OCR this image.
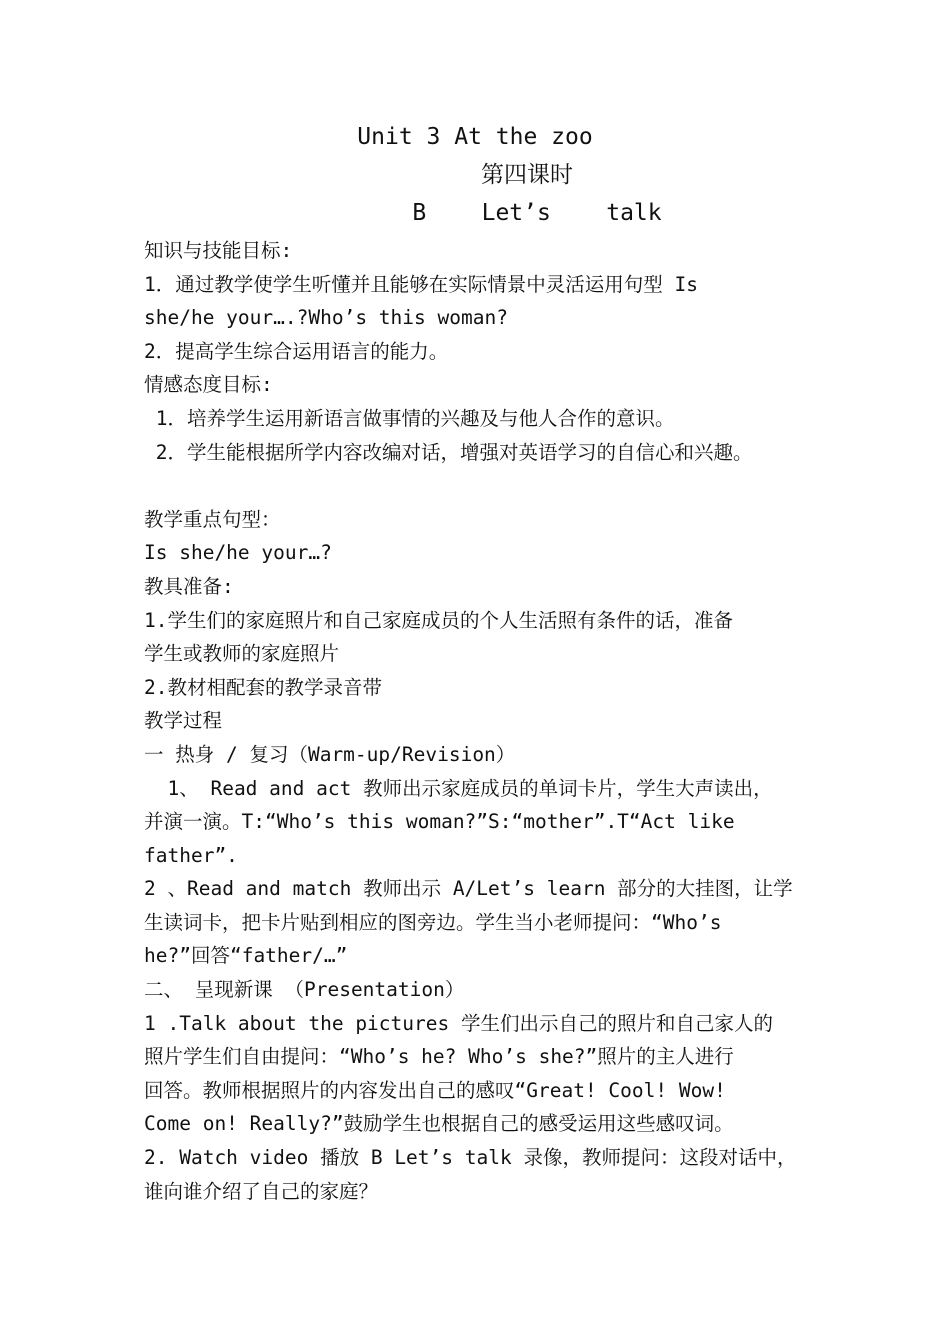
Unit 3 At the zoo
第四课时
B    Let’s    talk
知识与技能目标:
1．通过教学使学生听懂并且能够在实际情景中灵活运用句型 Is
she/he your….?Who’s this woman?
2．提高学生综合运用语言的能力。
情感态度目标:
1．培养学生运用新语言做事情的兴趣及与他人合作的意识。
2．学生能根据所学内容改编对话，增强对英语学习的自信心和兴趣。
教学重点句型：
Is she/he your…?
教具准备:
1.学生们的家庭照片和自己家庭成员的个人生活照有条件的话，准备
学生或教师的家庭照片
2.教材相配套的教学录音带
教学过程
一 热身 / 复习（Warm-up/Revision）
1、 Read and act 教师出示家庭成员的单词卡片，学生大声读出，
并演一演。T:“Who’s this woman?”S:“mother”.T“Act like
father”.
2 、Read and match 教师出示 A/Let’s learn 部分的大挂图，让学
生读词卡，把卡片贴到相应的图旁边。学生当小老师提问：“Who’s
he?”回答“father/…”
二、 呈现新课 （Presentation）
1 .Talk about the pictures 学生们出示自己的照片和自己家人的
照片学生们自由提问：“Who’s he? Who’s she?”照片的主人进行
回答。教师根据照片的内容发出自己的感叹“Great! Cool! Wow!
Come on! Really?”鼓励学生也根据自己的感受运用这些感叹词。
2. Watch video 播放 B Let’s talk 录像，教师提问：这段对话中，
谁向谁介绍了自己的家庭？
